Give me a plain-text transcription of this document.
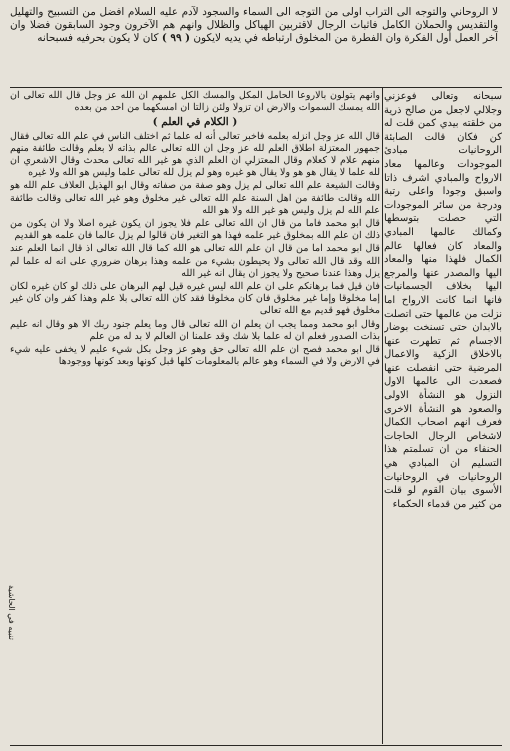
لا الروحاني والتوجه الى التراب اولى من التوجه الى السماء والسجود لآدم عليه السلام افضل من التسبيح والتهليل والتقديس والحملان الكامل فاثبات الرجال لاقتربين الهياكل والظلال وانهم هم الآخرون وجود السابقون فضلا وان آخر العمل أول الفكرة وان الفطرة من المخلوق ارتباطه في يديه لايكون ( ٩٩ ) كان لا يكون بحرفيه فسبحانه

سبحانه وتعالى فوعزني وجلالي لاجعل من صالح ذرية من خلقته بيدي كمن قلت له كن فكان قالت الصابئة الروحانيات مبادئ الموجودات وعالمها معاد الارواح والمبادي اشرف ذاتا واسبق وجودا واعلى رتبة ودرجة من سائر الموجودات التي حصلت بتوسطها وكمالك عالمها المبادي والمعاد كان فعالها عالم الكمال فلهذا منها والمعاد اليها والمصدر عنها والمرجع اليها بخلاف الجسمانيات فانها انما كانت الارواح اما نزلت من عالمها حتى اتصلت بالابدان حتى تسنخت بوضار الاجسام ثم تطهرت عنها بالاخلاق الزكية والاعمال المرضية حتى انفصلت عنها فصعدت الى عالمها الاول النزول هو النشأة الاولى والصعود هو النشأة الاخرى فعرف انهم اصحاب الكمال لاشخاص الرجال الحاجات الحنفاء من ان تسلمتم هذا التسليم ان المبادي هي الروحانيات في الروحانيات الأسوى بيان القوم لو قلت من كثير من قدماء الحكماء

وانهم يتولون بالاروعا الحامل المكل والمسك الكل علمهم ان الله عز وجل قال الله تعالى ان الله يمسك السموات والارض ان تزولا ولئن زالتا ان امسكهما من احد من بعده

( الكلام في العلم )

قال الله عز وجل انزله بعلمه فاخبر تعالى أنه له علما ثم اختلف الناس في علم الله تعالى فقال جمهور المعتزلة اطلاق العلم لله عز وجل ان الله تعالى عالم بذاته لا بعلم وقالت طائفة منهم منهم علام لا كعلام وقال المعتزلي ان العلم الذي هو غير الله تعالى محدث وقال الاشعري ان لله علما لا يقال هو هو ولا يقال هو غيره وهو لم يزل لله تعالى علما وليس هو الله ولا غيره

وقالت الشيعة علم الله تعالى لم يزل وهو صفة من صفاته وقال ابو الهذيل العلاف علم الله هو الله وقالت طائفة من اهل السنة علم الله تعالى غير مخلوق وهو غير الله تعالى وقالت طائفة علم الله لم يزل وليس هو غير الله ولا هو الله

قال ابو محمد فاما من قال ان الله تعالى علم فلا يجوز ان يكون غيره اصلا ولا ان يكون من ذلك ان علم الله بمخلوق غير علمه فهذا هو التغير فان قالوا لم يزل عالما فان علمه هو القديم

قال ابو محمد اما من قال ان علم الله تعالى هو الله كما قال الله تعالى اذ قال انما العلم عند الله وقد قال الله تعالى ولا يحيطون بشيء من علمه وهذا برهان ضروري على انه له علما لم يزل وهذا عندنا صحيح ولا يجوز ان يقال انه غير الله

فان قيل فما برهانكم على ان علم الله ليس غيره قيل لهم البرهان على ذلك لو كان غيره لكان إما مخلوقا وإما غير مخلوق فان كان مخلوقا فقد كان الله تعالى بلا علم وهذا كفر وان كان غير مخلوق فهو قديم مع الله تعالى

وقال ابو محمد ومما يجب ان يعلم ان الله تعالى قال وما يعلم جنود ربك الا هو وقال انه عليم بذات الصدور فعلم ان له علما بلا شك وقد علمنا ان العالم لا بد له من علم

قال ابو محمد فصح ان علم الله تعالى حق وهو عز وجل بكل شيء عليم لا يخفى عليه شيء في الارض ولا في السماء وهو عالم بالمعلومات كلها قبل كونها وبعد كونها ووجودها

تنبيه في الحاشية
